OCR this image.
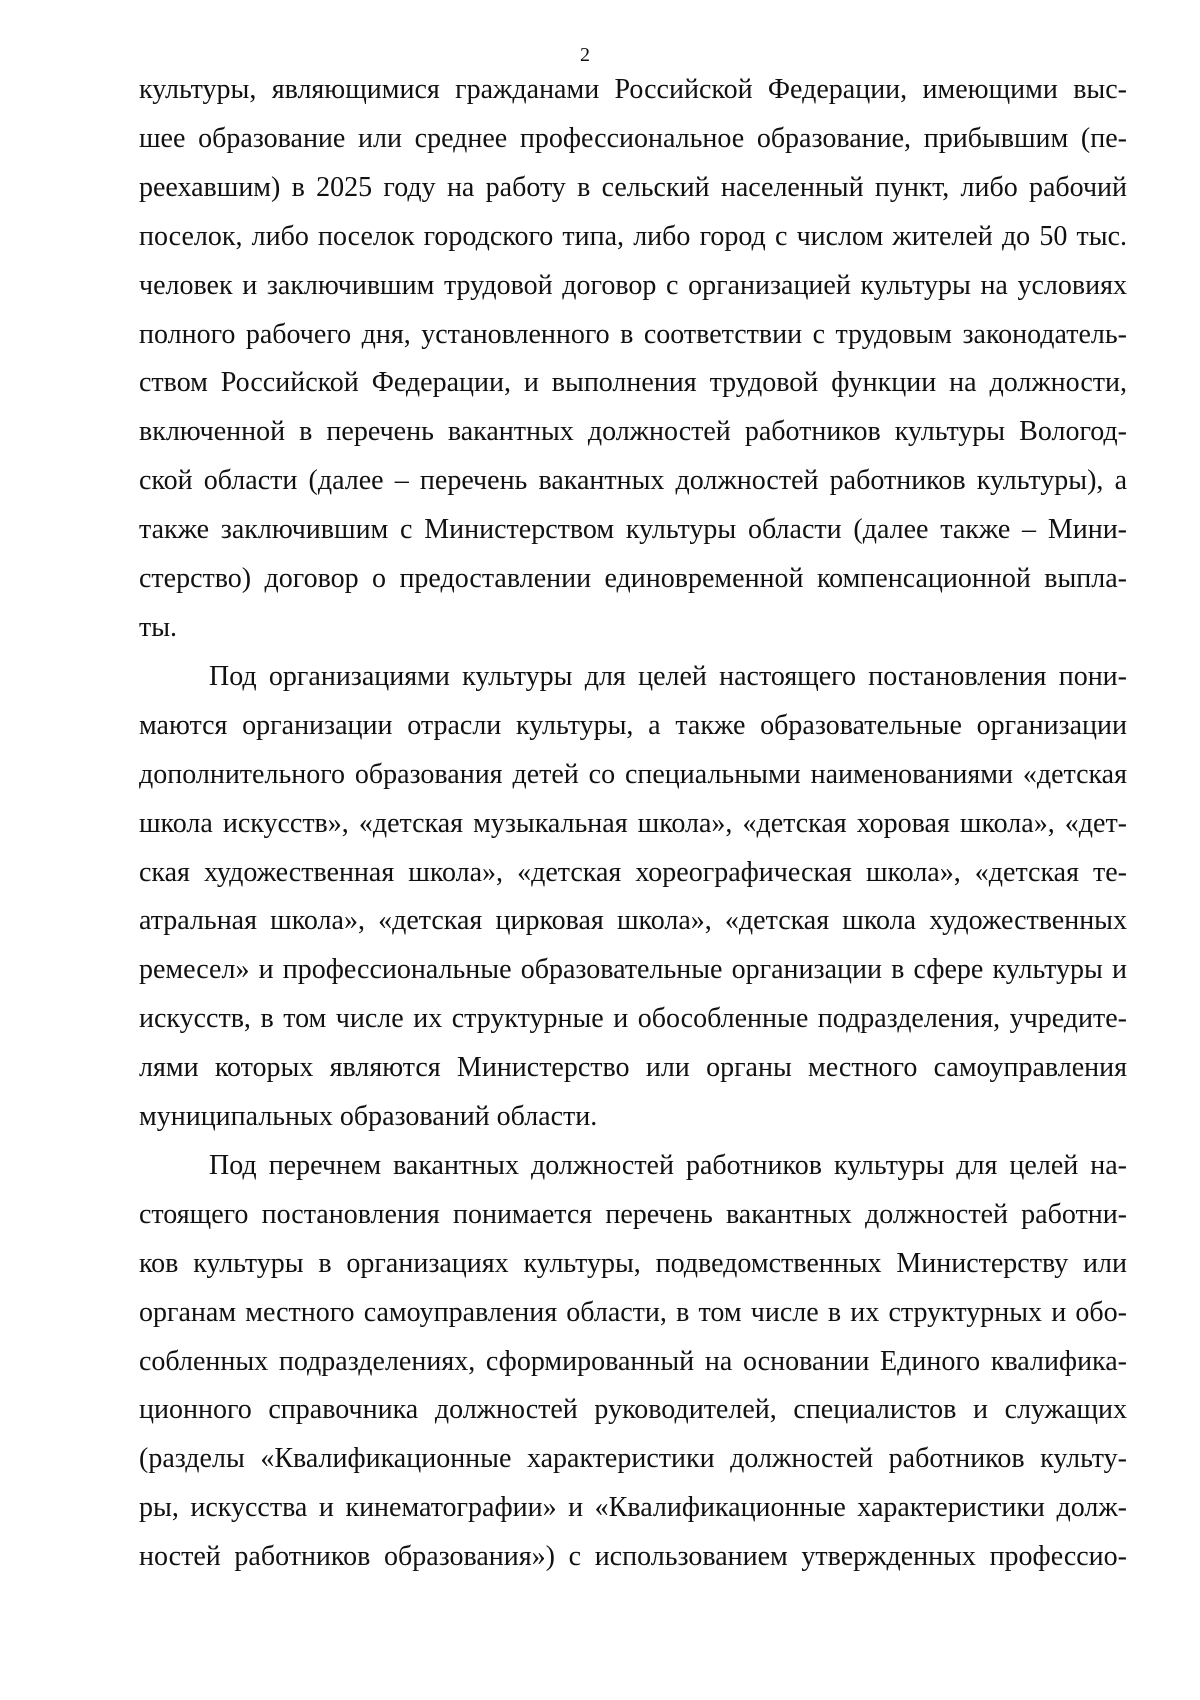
2
культуры, являющимися гражданами Российской Федерации, имеющими выс-
шее образование или среднее профессиональное образование, прибывшим (пе-
реехавшим) в 2025 году на работу в сельский населенный пункт, либо рабочий
поселок, либо поселок городского типа, либо город с числом жителей до 50 тыс.
человек и заключившим трудовой договор с организацией культуры на условиях
полного рабочего дня, установленного в соответствии с трудовым законодатель-
ством Российской Федерации, и выполнения трудовой функции на должности,
включенной в перечень вакантных должностей работников культуры Вологод-
ской области (далее – перечень вакантных должностей работников культуры), а
также заключившим с Министерством культуры области (далее также – Мини-
стерство) договор о предоставлении единовременной компенсационной выпла-
ты.
Под организациями культуры для целей настоящего постановления пони-
маются организации отрасли культуры, а также образовательные организации
дополнительного образования детей со специальными наименованиями «детская
школа искусств», «детская музыкальная школа», «детская хоровая школа», «дет-
ская художественная школа», «детская хореографическая школа», «детская те-
атральная школа», «детская цирковая школа», «детская школа художественных
ремесел» и профессиональные образовательные организации в сфере культуры и
искусств, в том числе их структурные и обособленные подразделения, учредите-
лями которых являются Министерство или органы местного самоуправления
муниципальных образований области.
Под перечнем вакантных должностей работников культуры для целей на-
стоящего постановления понимается перечень вакантных должностей работни-
ков культуры в организациях культуры, подведомственных Министерству или
органам местного самоуправления области, в том числе в их структурных и обо-
собленных подразделениях, сформированный на основании Единого квалифика-
ционного справочника должностей руководителей, специалистов и служащих
(разделы «Квалификационные характеристики должностей работников культу-
ры, искусства и кинематографии» и «Квалификационные характеристики долж-
ностей работников образования») с использованием утвержденных профессио-
